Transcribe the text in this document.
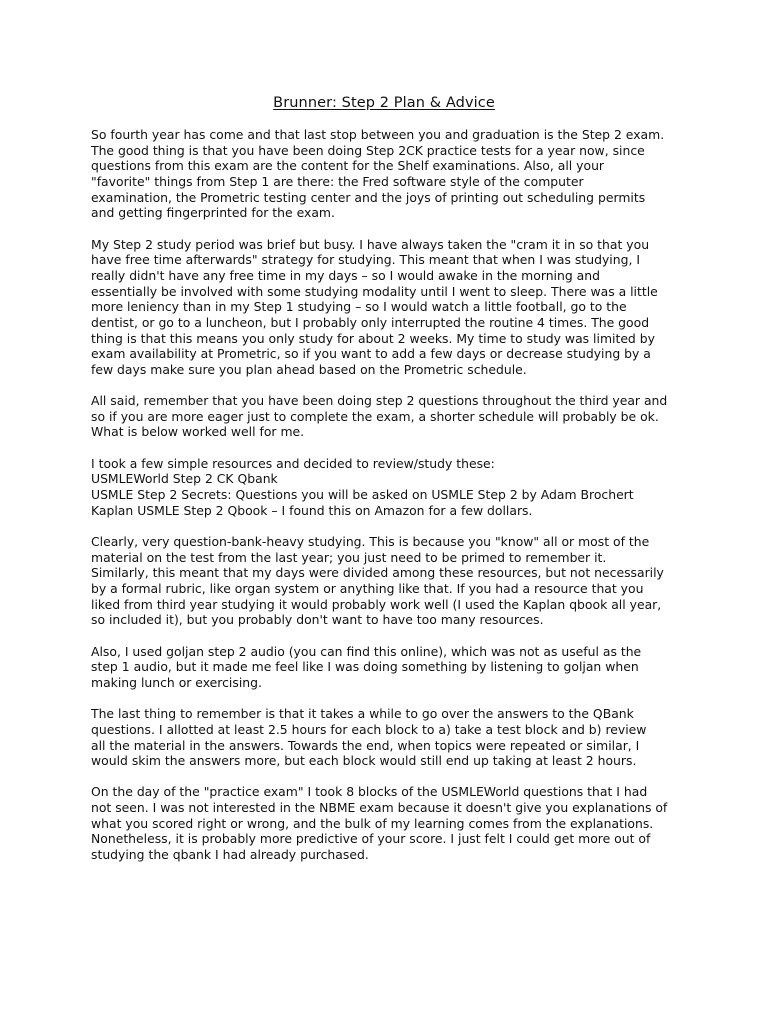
Brunner: Step 2 Plan & Advice
So fourth year has come and that last stop between you and graduation is the Step 2 exam.
The good thing is that you have been doing Step 2CK practice tests for a year now, since
questions from this exam are the content for the Shelf examinations. Also, all your
"favorite" things from Step 1 are there: the Fred software style of the computer
examination, the Prometric testing center and the joys of printing out scheduling permits
and getting fingerprinted for the exam.
My Step 2 study period was brief but busy. I have always taken the "cram it in so that you
have free time afterwards" strategy for studying. This meant that when I was studying, I
really didn't have any free time in my days – so I would awake in the morning and
essentially be involved with some studying modality until I went to sleep. There was a little
more leniency than in my Step 1 studying – so I would watch a little football, go to the
dentist, or go to a luncheon, but I probably only interrupted the routine 4 times. The good
thing is that this means you only study for about 2 weeks. My time to study was limited by
exam availability at Prometric, so if you want to add a few days or decrease studying by a
few days make sure you plan ahead based on the Prometric schedule.
All said, remember that you have been doing step 2 questions throughout the third year and
so if you are more eager just to complete the exam, a shorter schedule will probably be ok.
What is below worked well for me.
I took a few simple resources and decided to review/study these:
USMLEWorld Step 2 CK Qbank
USMLE Step 2 Secrets: Questions you will be asked on USMLE Step 2 by Adam Brochert
Kaplan USMLE Step 2 Qbook – I found this on Amazon for a few dollars.
Clearly, very question-bank-heavy studying. This is because you "know" all or most of the
material on the test from the last year; you just need to be primed to remember it.
Similarly, this meant that my days were divided among these resources, but not necessarily
by a formal rubric, like organ system or anything like that. If you had a resource that you
liked from third year studying it would probably work well (I used the Kaplan qbook all year,
so included it), but you probably don't want to have too many resources.
Also, I used goljan step 2 audio (you can find this online), which was not as useful as the
step 1 audio, but it made me feel like I was doing something by listening to goljan when
making lunch or exercising.
The last thing to remember is that it takes a while to go over the answers to the QBank
questions. I allotted at least 2.5 hours for each block to a) take a test block and b) review
all the material in the answers. Towards the end, when topics were repeated or similar, I
would skim the answers more, but each block would still end up taking at least 2 hours.
On the day of the "practice exam" I took 8 blocks of the USMLEWorld questions that I had
not seen. I was not interested in the NBME exam because it doesn't give you explanations of
what you scored right or wrong, and the bulk of my learning comes from the explanations.
Nonetheless, it is probably more predictive of your score. I just felt I could get more out of
studying the qbank I had already purchased.
